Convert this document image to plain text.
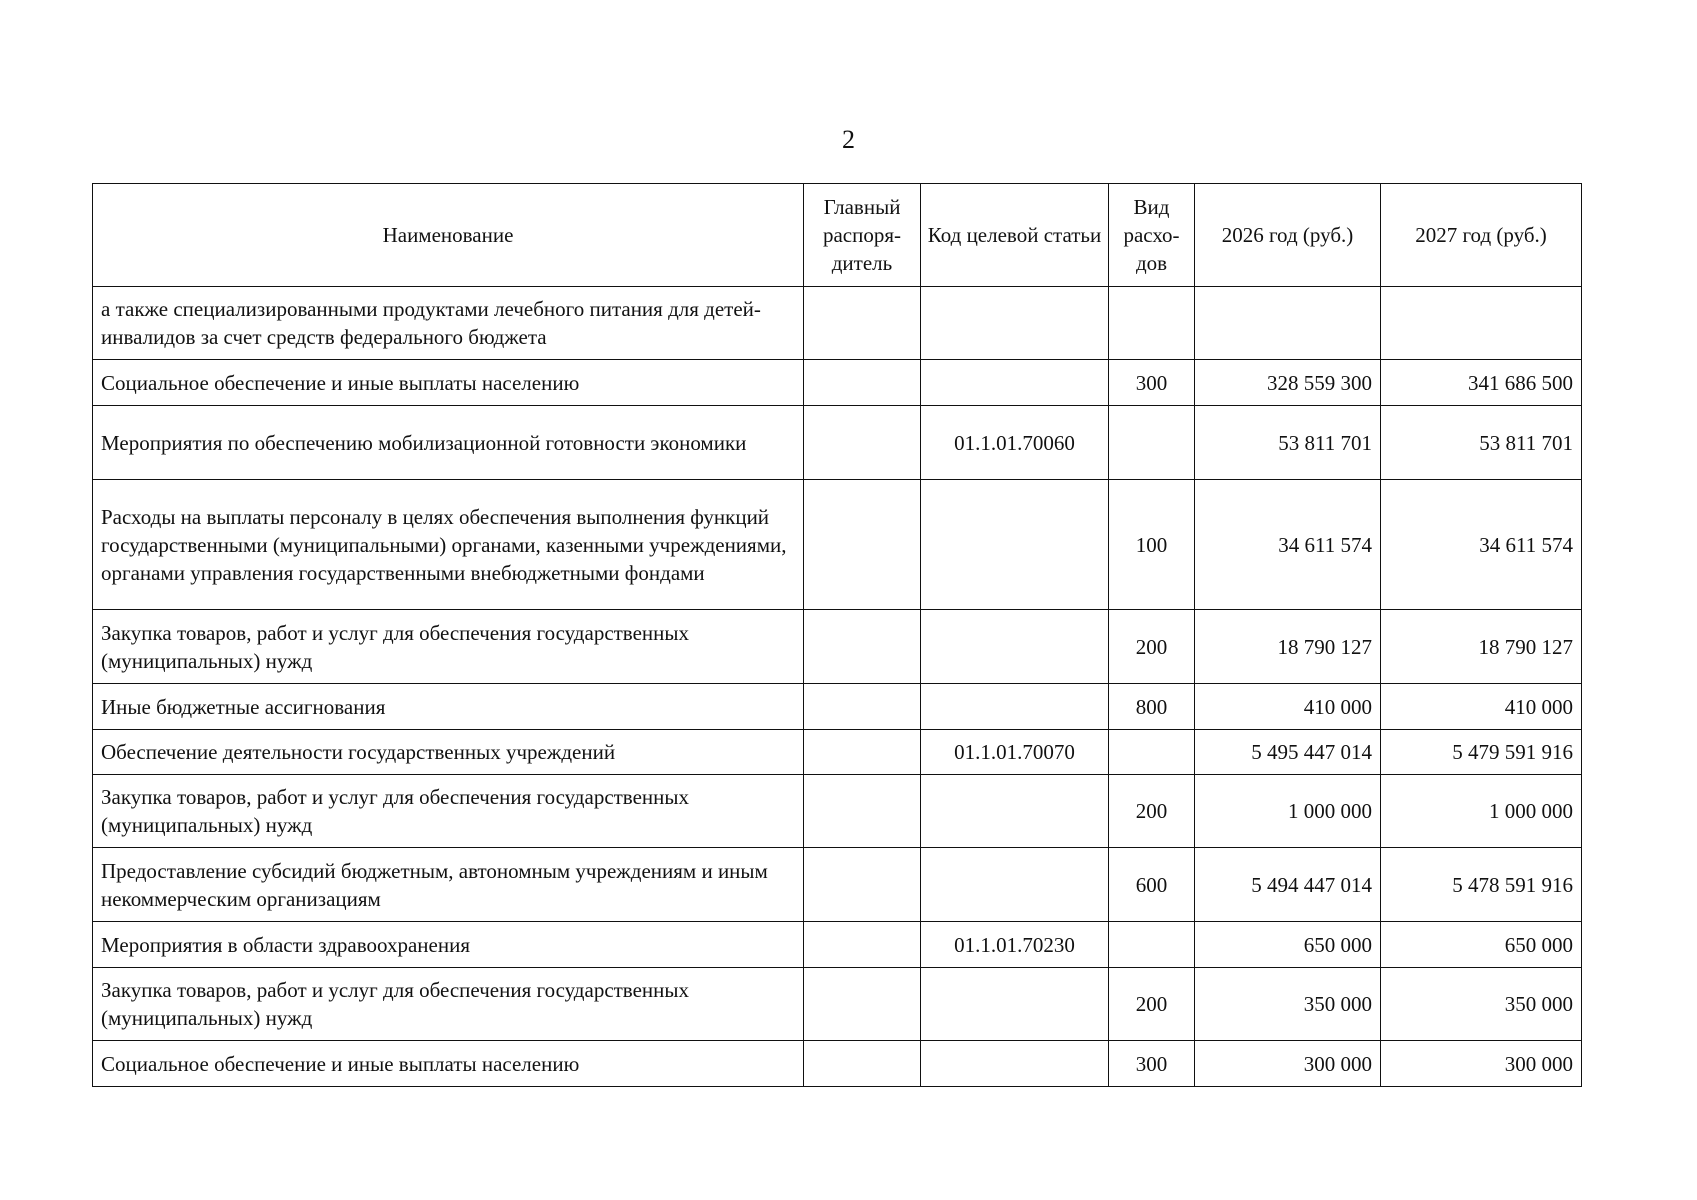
2
Наименование	Главный распоря- дитель	Код целевой статьи	Вид расхо- дов	2026 год (руб.)	2027 год (руб.)
а также специализированными продуктами лечебного питания для детей-инвалидов за счет средств федерального бюджета					
Социальное обеспечение и иные выплаты населению			300	328 559 300	341 686 500
Мероприятия по обеспечению мобилизационной готовности экономики		01.1.01.70060		53 811 701	53 811 701
Расходы на выплаты персоналу в целях обеспечения выполнения функций государственными (муниципальными) органами, казенными учреждениями, органами управления государственными внебюджетными фондами			100	34 611 574	34 611 574
Закупка товаров, работ и услуг для обеспечения государственных (муниципальных) нужд			200	18 790 127	18 790 127
Иные бюджетные ассигнования			800	410 000	410 000
Обеспечение деятельности государственных учреждений		01.1.01.70070		5 495 447 014	5 479 591 916
Закупка товаров, работ и услуг для обеспечения государственных (муниципальных) нужд			200	1 000 000	1 000 000
Предоставление субсидий бюджетным, автономным учреждениям и иным некоммерческим организациям			600	5 494 447 014	5 478 591 916
Мероприятия в области здравоохранения		01.1.01.70230		650 000	650 000
Закупка товаров, работ и услуг для обеспечения государственных (муниципальных) нужд			200	350 000	350 000
Социальное обеспечение и иные выплаты населению			300	300 000	300 000
